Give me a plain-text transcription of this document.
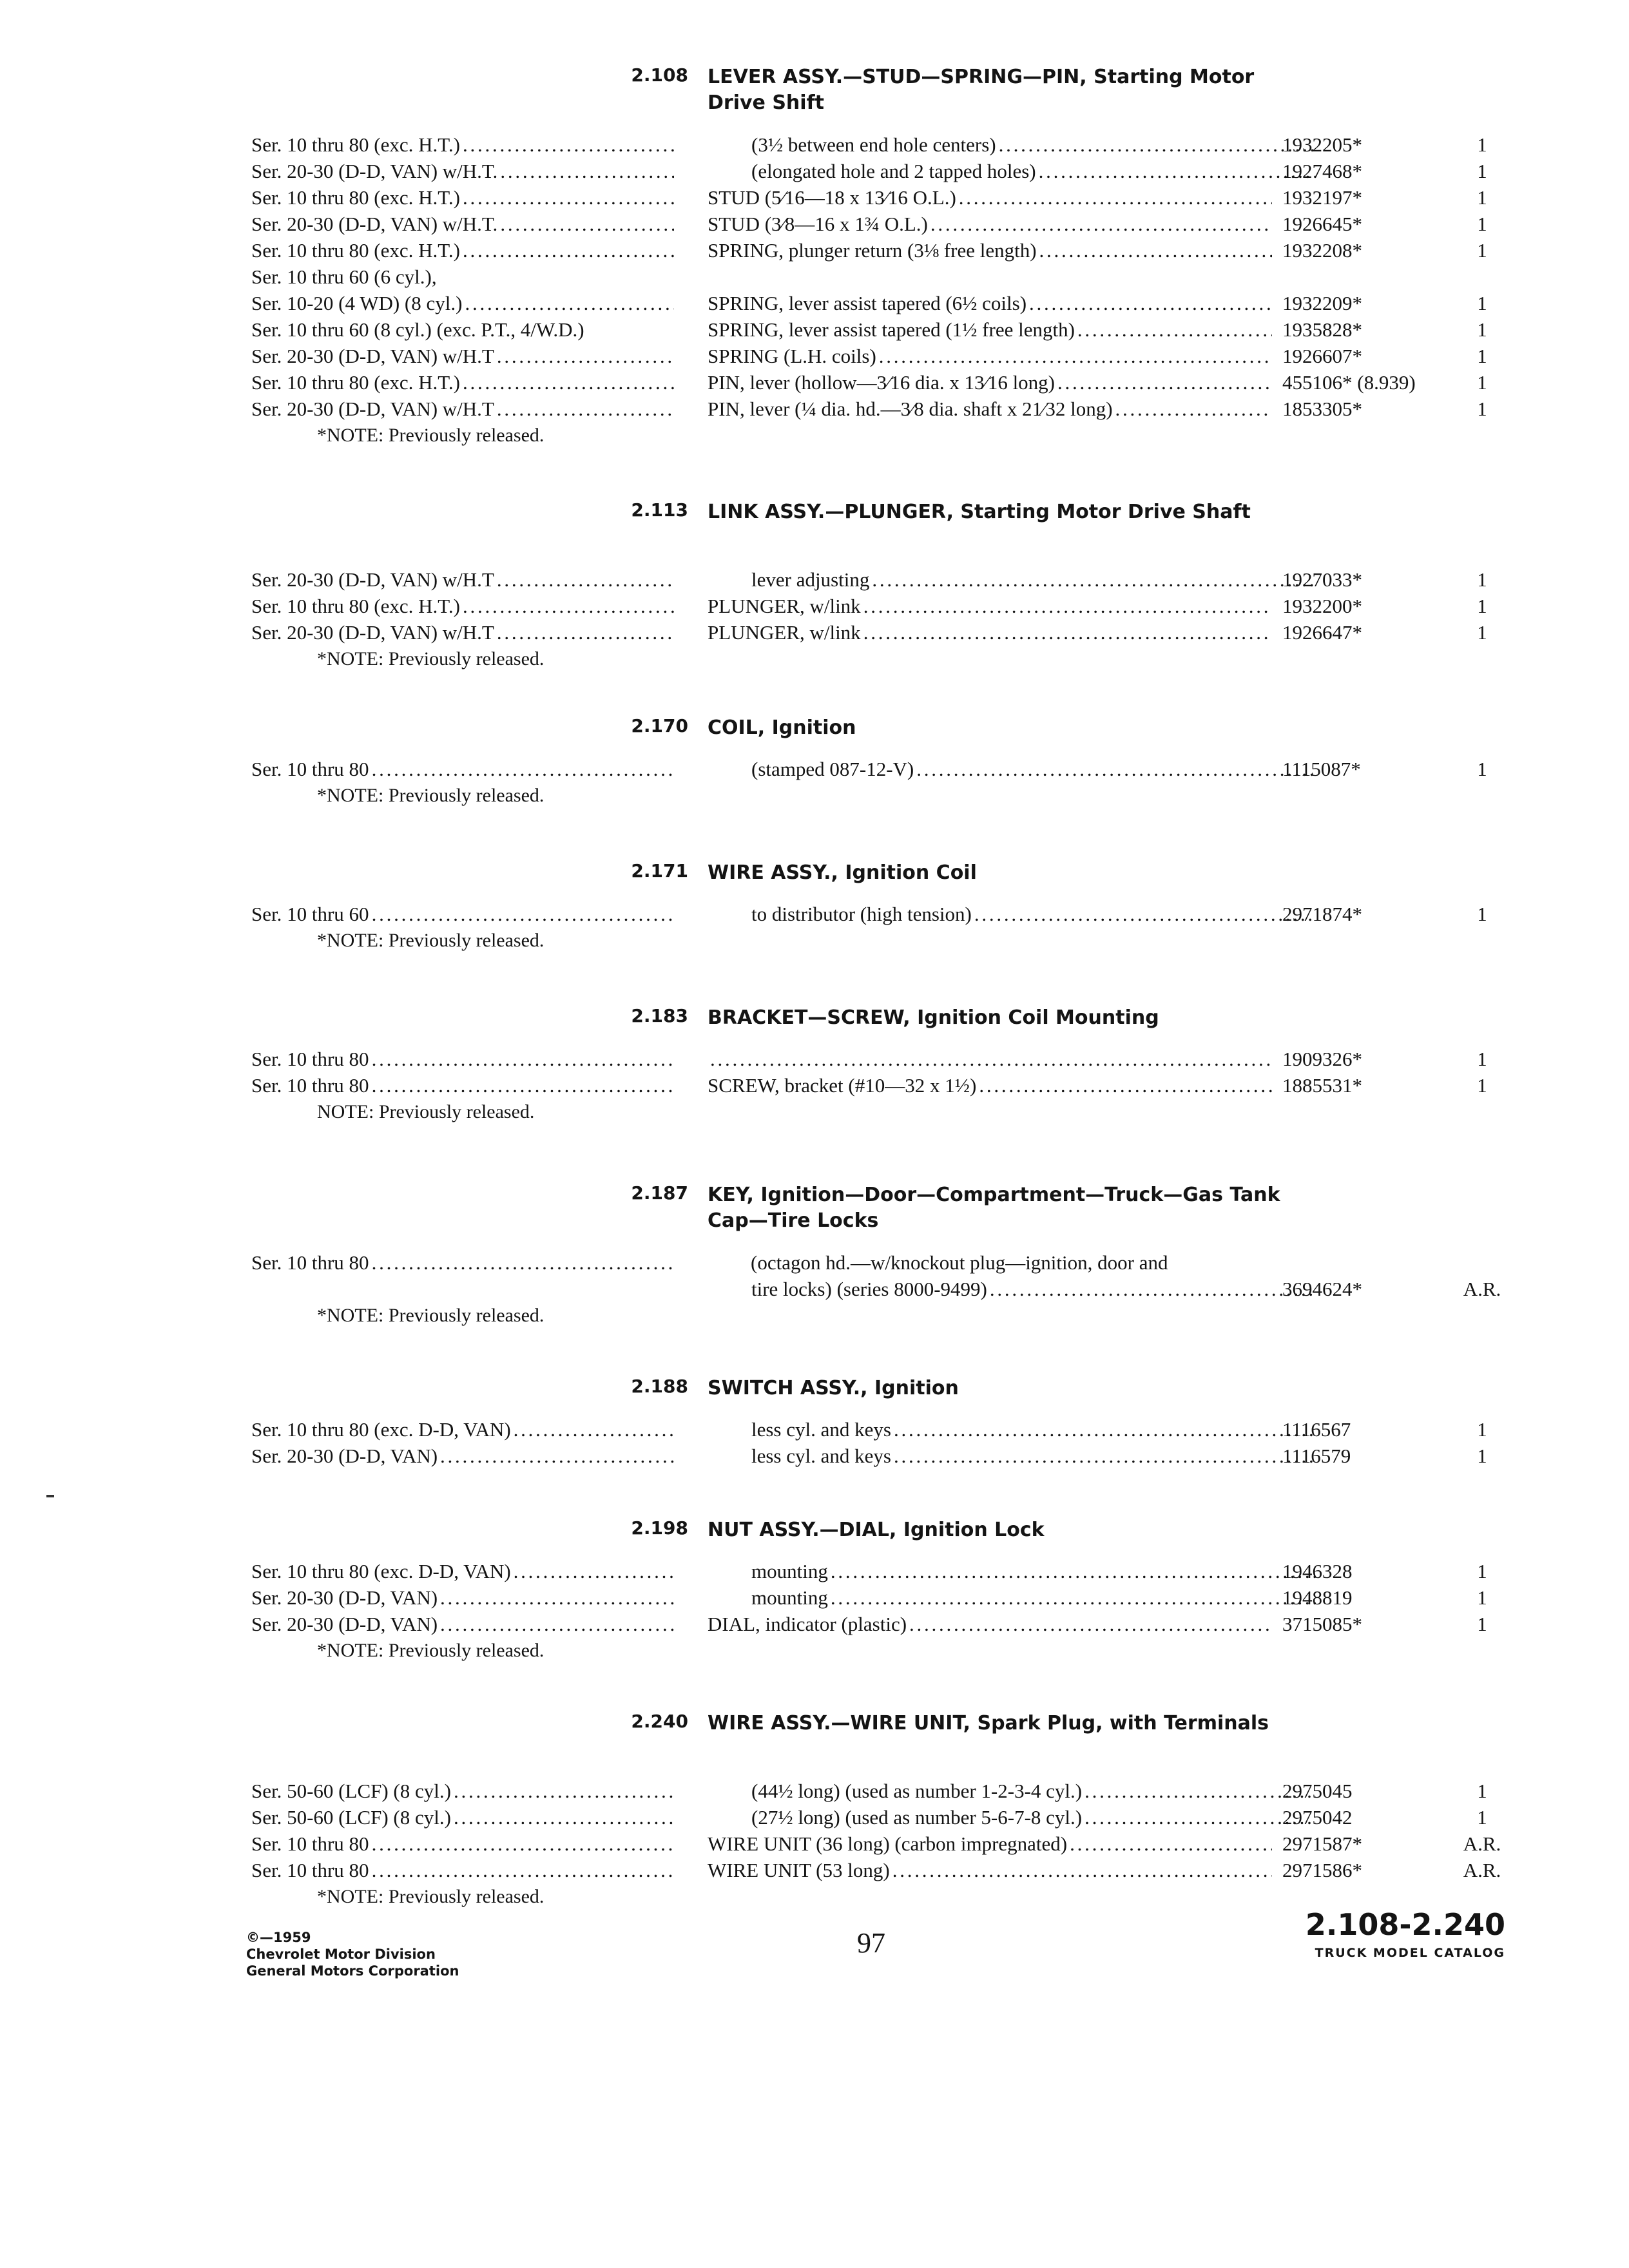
2.108 LEVER ASSY.—STUD—SPRING—PIN, Starting Motor Drive Shift
Ser. 10 thru 80 (exc. H.T.) . . .	(3½ between end hole centers) . . .	1932205*	1
Ser. 20-30 (D-D, VAN) w/H.T. . . .	(elongated hole and 2 tapped holes) . . .	1927468*	1
Ser. 10 thru 80 (exc. H.T.) . . .	STUD (5⁄16—18 x 13⁄16 O.L.) . . .	1932197*	1
Ser. 20-30 (D-D, VAN) w/H.T. . . .	STUD (3⁄8—16 x 1¾ O.L.) . . .	1926645*	1
Ser. 10 thru 80 (exc. H.T.) . . .	SPRING, plunger return (3⅛ free length) . . .	1932208*	1
Ser. 10 thru 60 (6 cyl.),
Ser. 10-20 (4 WD) (8 cyl.) . . .	SPRING, lever assist tapered (6½ coils) . . .	1932209*	1
Ser. 10 thru 60 (8 cyl.) (exc. P.T., 4/W.D.)	SPRING, lever assist tapered (1½ free length) . . .	1935828*	1
Ser. 20-30 (D-D, VAN) w/H.T . . .	SPRING (L.H. coils) . . .	1926607*	1
Ser. 10 thru 80 (exc. H.T.) . . .	PIN, lever (hollow—3⁄16 dia. x 13⁄16 long) . . .	455106* (8.939)	1
Ser. 20-30 (D-D, VAN) w/H.T . . .	PIN, lever (¼ dia. hd.—3⁄8 dia. shaft x 21⁄32 long) . . .	1853305*	1
*NOTE: Previously released.
2.113 LINK ASSY.—PLUNGER, Starting Motor Drive Shaft
Ser. 20-30 (D-D, VAN) w/H.T . . .	lever adjusting . . .	1927033*	1
Ser. 10 thru 80 (exc. H.T.) . . .	PLUNGER, w/link . . .	1932200*	1
Ser. 20-30 (D-D, VAN) w/H.T . . .	PLUNGER, w/link . . .	1926647*	1
*NOTE: Previously released.
2.170 COIL, Ignition
Ser. 10 thru 80 . . .	(stamped 087-12-V) . . .	1115087*	1
*NOTE: Previously released.
2.171 WIRE ASSY., Ignition Coil
Ser. 10 thru 60 . . .	to distributor (high tension) . . .	2971874*	1
*NOTE: Previously released.
2.183 BRACKET—SCREW, Ignition Coil Mounting
Ser. 10 thru 80 . . . . . .	1909326*	1
Ser. 10 thru 80 . . .	SCREW, bracket (#10—32 x 1½) . . .	1885531*	1
NOTE: Previously released.
2.187 KEY, Ignition—Door—Compartment—Truck—Gas Tank Cap—Tire Locks
Ser. 10 thru 80 . . .	(octagon hd.—w/knockout plug—ignition, door and
tire locks) (series 8000-9499) . . .	3694624*	A.R.
*NOTE: Previously released.
2.188 SWITCH ASSY., Ignition
Ser. 10 thru 80 (exc. D-D, VAN) . . .	less cyl. and keys . . .	1116567	1
Ser. 20-30 (D-D, VAN) . . .	less cyl. and keys . . .	1116579	1
2.198 NUT ASSY.—DIAL, Ignition Lock
Ser. 10 thru 80 (exc. D-D, VAN) . . .	mounting . . .	1946328	1
Ser. 20-30 (D-D, VAN) . . .	mounting . . .	1948819	1
Ser. 20-30 (D-D, VAN) . . .	DIAL, indicator (plastic) . . .	3715085*	1
*NOTE: Previously released.
2.240 WIRE ASSY.—WIRE UNIT, Spark Plug, with Terminals
Ser. 50-60 (LCF) (8 cyl.) . . .	(44½ long) (used as number 1-2-3-4 cyl.) . . .	2975045	1
Ser. 50-60 (LCF) (8 cyl.) . . .	(27½ long) (used as number 5-6-7-8 cyl.) . . .	2975042	1
Ser. 10 thru 80 . . .	WIRE UNIT (36 long) (carbon impregnated) . . .	2971587*	A.R.
Ser. 10 thru 80 . . .	WIRE UNIT (53 long) . . .	2971586*	A.R.
*NOTE: Previously released.
©—1959
Chevrolet Motor Division
General Motors Corporation
97
2.108-2.240
TRUCK MODEL CATALOG
